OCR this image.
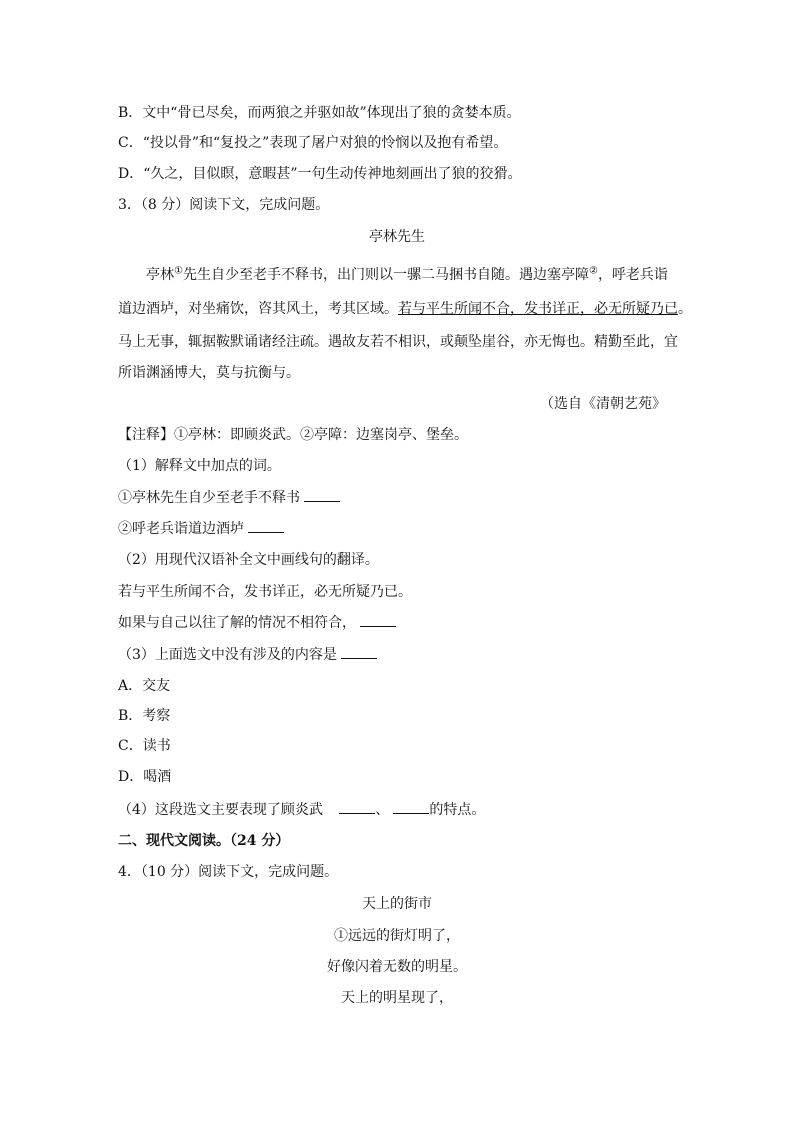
B．文中“骨已尽矣，而两狼之并驱如故”体现出了狼的贪婪本质。
C．“投以骨”和“复投之”表现了屠户对狼的怜悯以及抱有希望。
D．“久之，目似瞑，意暇甚”一句生动传神地刻画出了狼的狡猾。
3．（8 分）阅读下文，完成问题。
亭林先生
亭林①先生自少至老手不释书，出门则以一骡二马捆书自随。遇边塞亭障②，呼老兵诣
道边酒垆，对坐痛饮，咨其风土，考其区域。若与平生所闻不合，发书详正，必无所疑乃已。
马上无事，辄据鞍默诵诸经注疏。遇故友若不相识，或颠坠崖谷，亦无悔也。精勤至此，宜
所诣渊涵博大，莫与抗衡与。
（选自《清朝艺苑》
【注释】①亭林：即顾炎武。②亭障：边塞岗亭、堡垒。
（1）解释文中加点的词。
①亭林先生自少至老手不释书
②呼老兵诣道边酒垆
（2）用现代汉语补全文中画线句的翻译。
若与平生所闻不合，发书详正，必无所疑乃已。
如果与自己以往了解的情况不相符合，
（3）上面选文中没有涉及的内容是
A．交友
B．考察
C．读书
D．喝酒
（4）这段选文主要表现了顾炎武	、	的特点。
二、现代文阅读。（24 分）
4．（10 分）阅读下文，完成问题。
天上的街市
①远远的街灯明了，
好像闪着无数的明星。
天上的明星现了，
